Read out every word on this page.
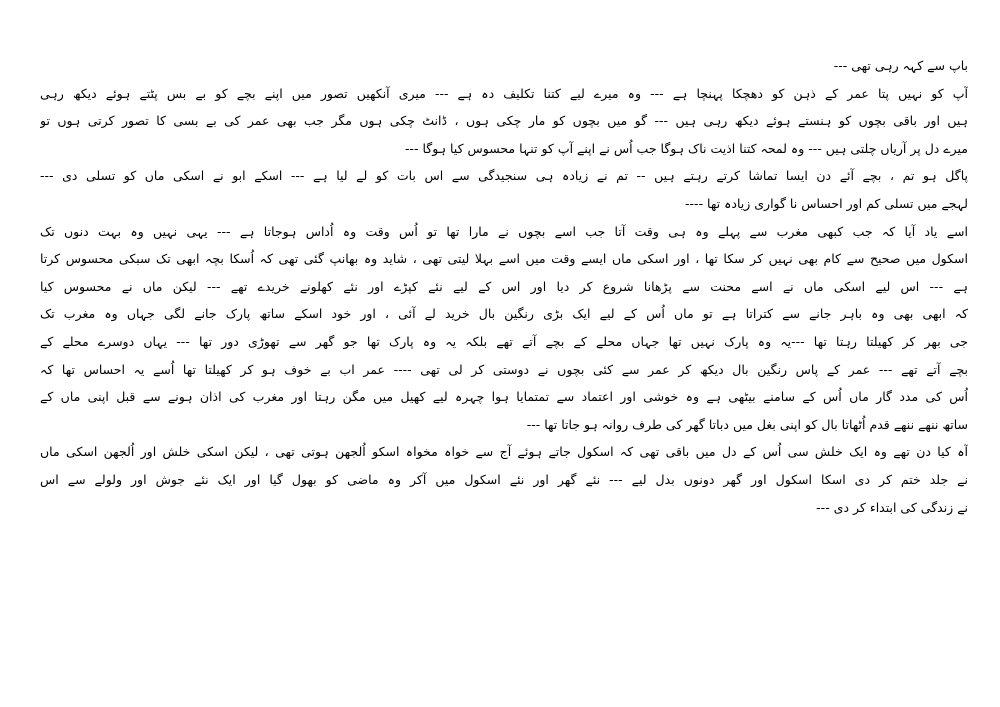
باپ سے کہہ رہی تھی ---
آپ کو نہیں پتا عمر کے ذہن کو دھچکا پہنچا ہے --- وہ میرے لیے کتنا تکلیف دہ ہے --- میری آنکھیں تصور میں اپنے بچے کو بے بس پٹتے ہوئے دیکھ رہی
ہیں اور باقی بچوں کو ہنستے ہوئے دیکھ رہی ہیں --- گو میں بچوں کو مار چکی ہوں ، ڈانٹ چکی ہوں مگر جب بھی عمر کی بے بسی کا تصور کرتی ہوں تو
میرے دل پر آریاں چلتی ہیں --- وہ لمحہ کتنا اذیت ناک ہوگا جب اُس نے اپنے آپ کو تنہا محسوس کیا ہوگا ---
پاگل ہو تم ، بچے آئے دن ایسا تماشا کرتے رہتے ہیں -- تم نے زیادہ ہی سنجیدگی سے اس بات کو لے لیا ہے --- اسکے ابو نے اسکی ماں کو تسلی دی ---
لہجے میں تسلی کم اور احساس نا گواری زیادہ تھا ----
اسے یاد آیا کہ جب کبھی مغرب سے پہلے وہ ہی وقت آتا جب اسے بچوں نے مارا تھا تو اُس وقت وہ اُداس ہوجاتا ہے --- یہی نہیں وہ بہت دنوں تک
اسکول میں صحیح سے کام بھی نہیں کر سکا تھا ، اور اسکی ماں ایسے وقت میں اسے بہلا لیتی تھی ، شاید وہ بھانپ گئی تھی کہ اُسکا بچہ ابھی تک سبکی محسوس کرتا
ہے --- اس لیے اسکی ماں نے اسے محنت سے پڑھانا شروع کر دیا اور اس کے لیے نئے کپڑے اور نئے کھلونے خریدے تھے --- لیکن ماں نے محسوس کیا
کہ ابھی بھی وہ باہر جانے سے کتراتا ہے تو ماں اُس کے لیے ایک بڑی رنگین بال خرید لے آئی ، اور خود اسکے ساتھ پارک جانے لگی جہاں وہ مغرب تک
جی بھر کر کھیلتا رہتا تھا ---یہ وہ پارک نہیں تھا جہاں محلے کے بچے آتے تھے بلکہ یہ وہ پارک تھا جو گھر سے تھوڑی دور تھا --- یہاں دوسرے محلے کے
بچے آتے تھے --- عمر کے پاس رنگین بال دیکھ کر عمر سے کئی بچوں نے دوستی کر لی تھی ---- عمر اب بے خوف ہو کر کھیلتا تھا اُسے یہ احساس تھا کہ
اُس کی مدد گار ماں اُس کے سامنے بیٹھی ہے وہ خوشی اور اعتماد سے تمتمایا ہوا چہرہ لیے کھیل میں مگن رہتا اور مغرب کی اذان ہونے سے قبل اپنی ماں کے
ساتھ ننھے ننھے قدم اُٹھاتا بال کو اپنی بغل میں دباتا گھر کی طرف روانہ ہو جاتا تھا ---
آہ کیا دن تھے وہ ایک خلش سی اُس کے دل میں باقی تھی کہ اسکول جاتے ہوئے آج سے خواہ مخواہ اسکو اُلجھن ہوتی تھی ، لیکن اسکی خلش اور اُلجھن اسکی ماں
نے جلد ختم کر دی اسکا اسکول اور گھر دونوں بدل لیے --- نئے گھر اور نئے اسکول میں آکر وہ ماضی کو بھول گیا اور ایک نئے جوش اور ولولے سے اس
نے زندگی کی ابتداء کر دی ---
